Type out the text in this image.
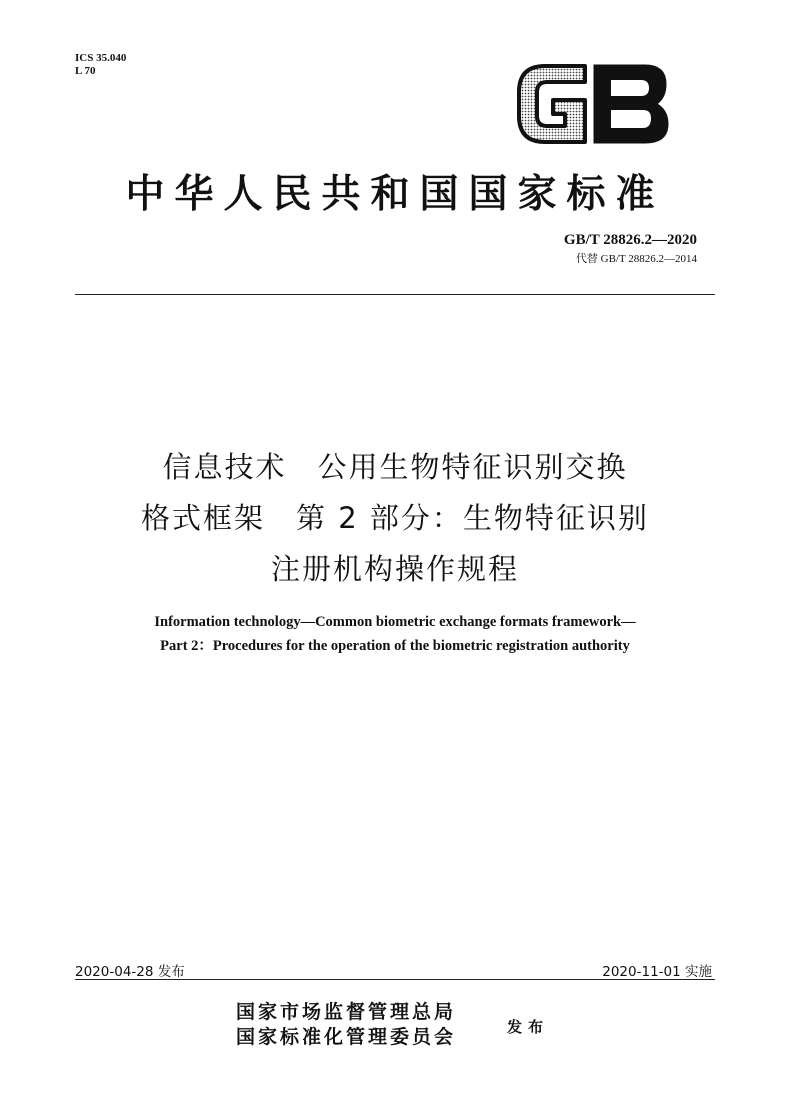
ICS 35.040
L 70
中华人民共和国国家标准
GB/T 28826.2—2020
代替 GB/T 28826.2—2014
信息技术　公用生物特征识别交换
格式框架　第 2 部分：生物特征识别
注册机构操作规程
Information technology—Common biometric exchange formats framework—
Part 2：Procedures for the operation of the biometric registration authority
2020-04-28 发布	2020-11-01 实施
国家市场监督管理总局
国家标准化管理委员会	发布
